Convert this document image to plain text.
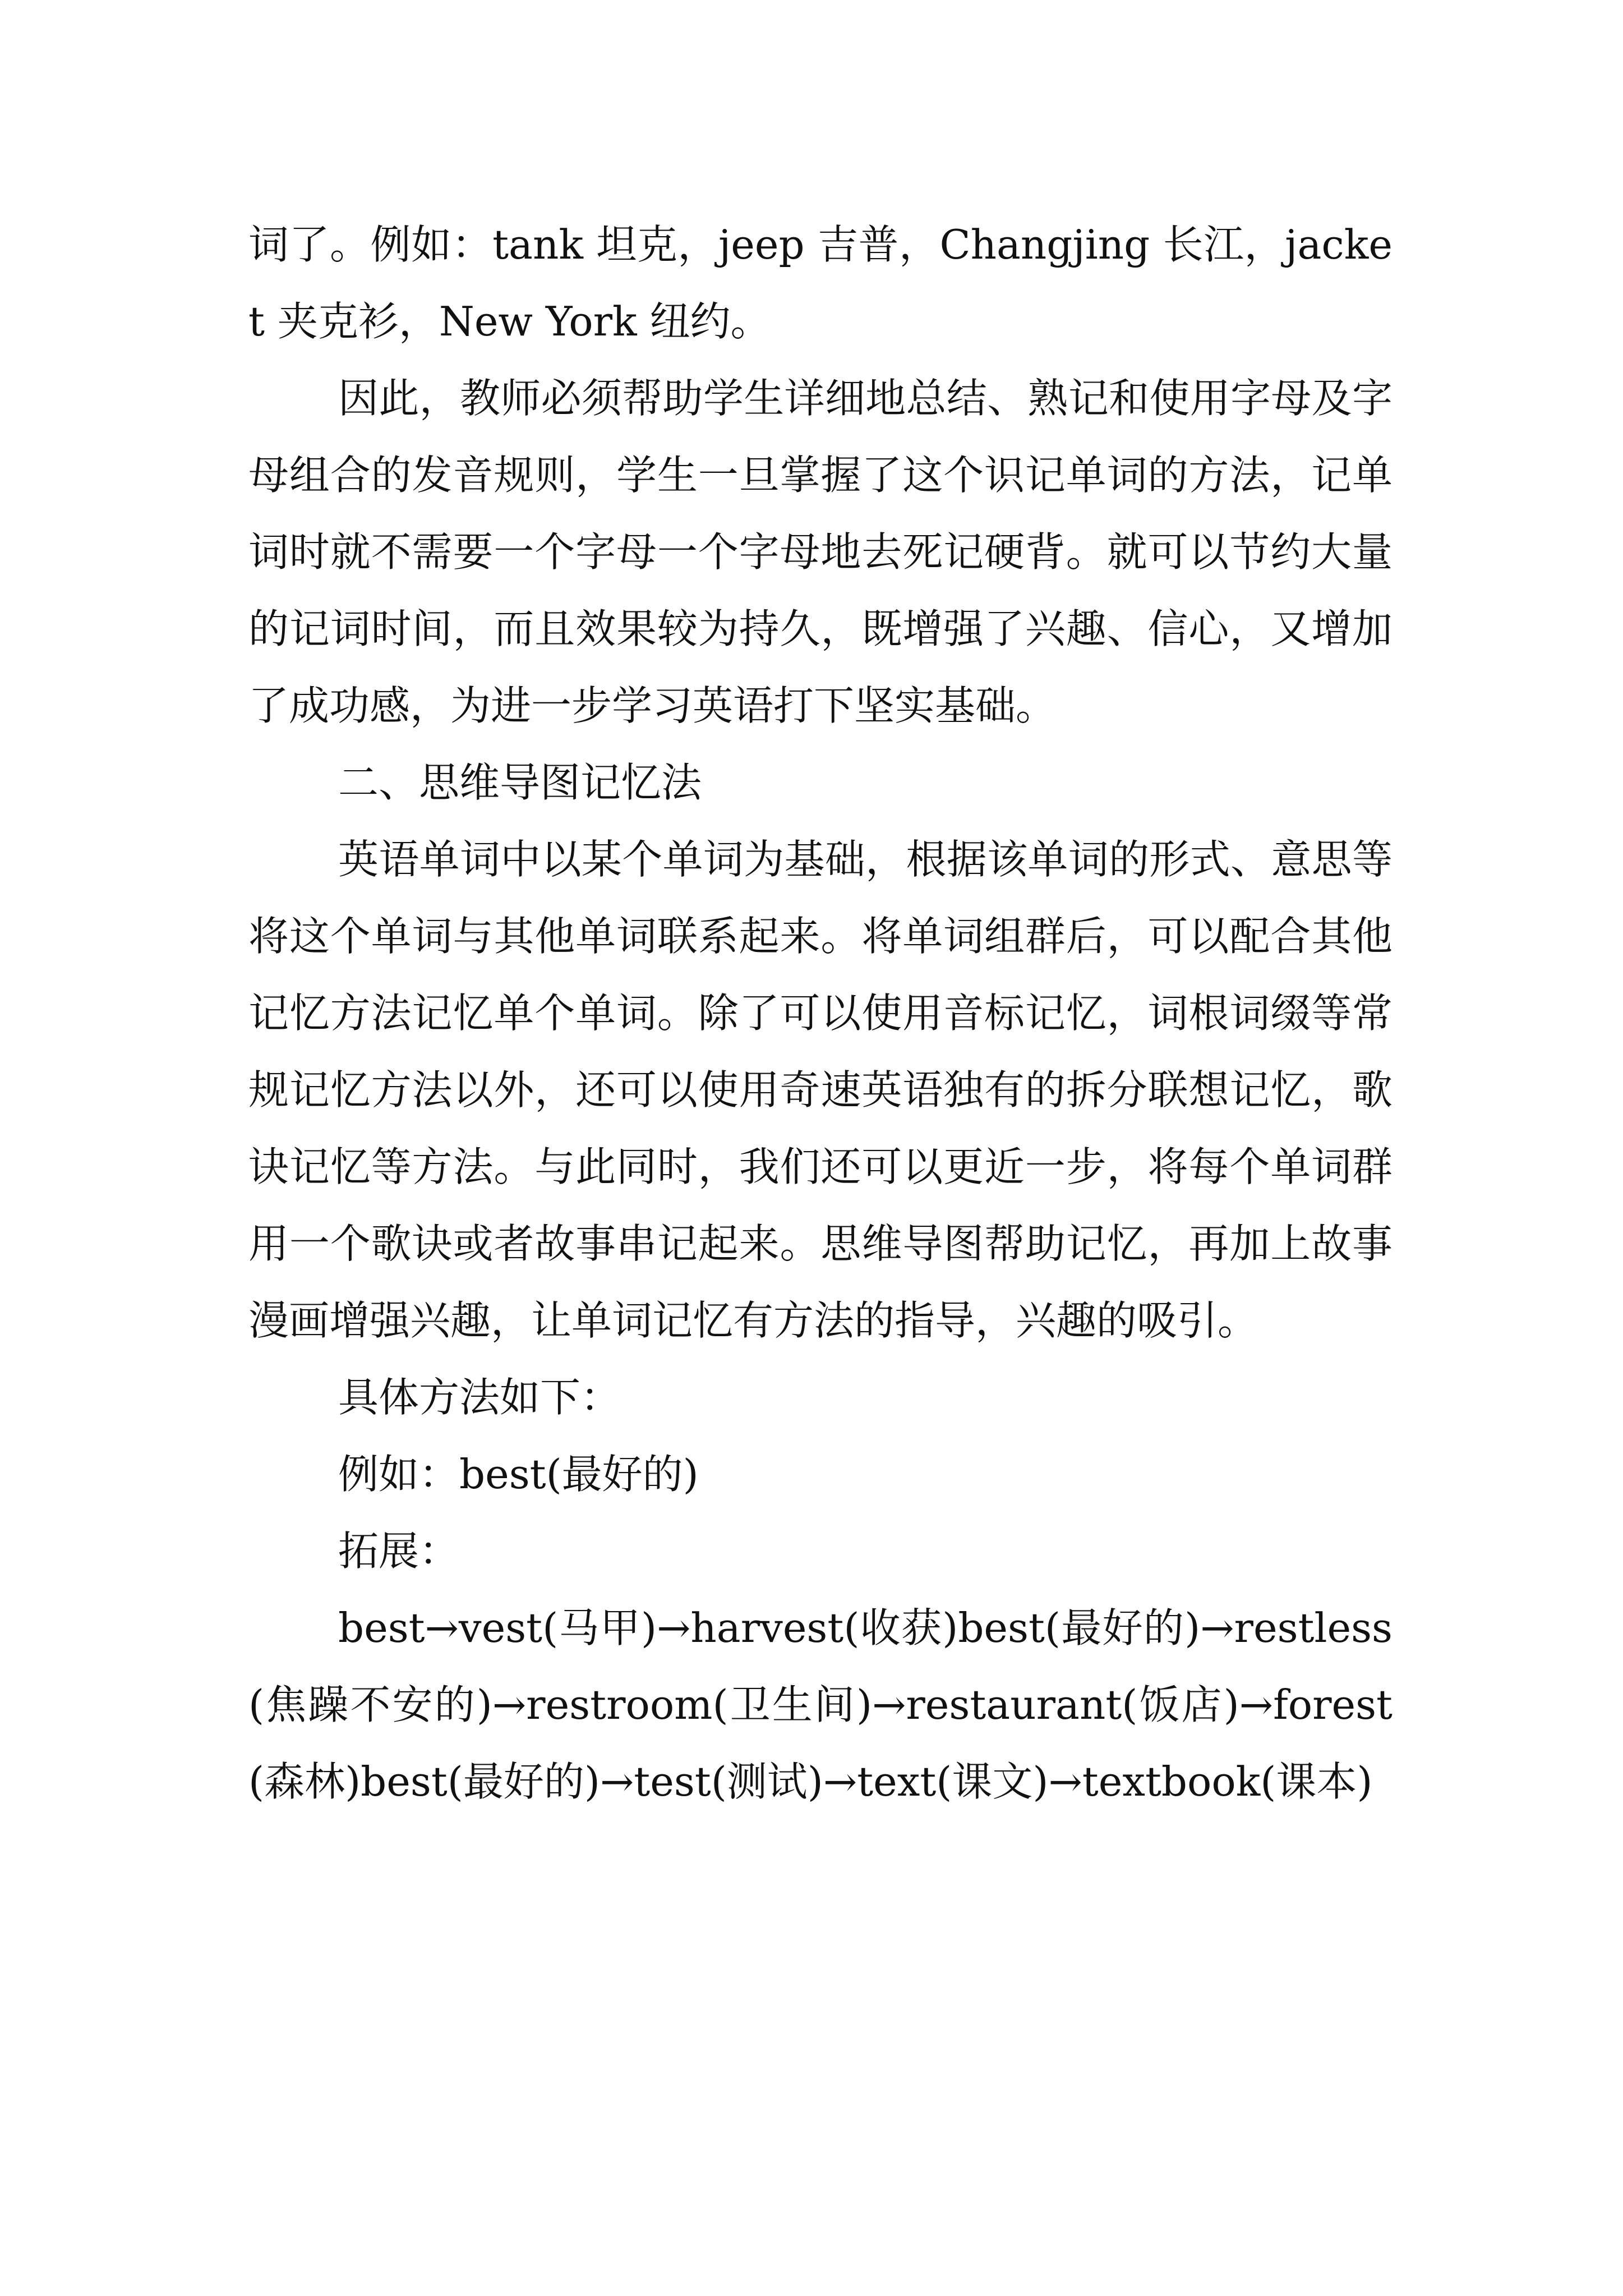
词了。例如：tank 坦克，jeep 吉普，Changjing 长江，jacket 夹克衫，New York 纽约。

因此，教师必须帮助学生详细地总结、熟记和使用字母及字母组合的发音规则，学生一旦掌握了这个识记单词的方法，记单词时就不需要一个字母一个字母地去死记硬背。就可以节约大量的记词时间，而且效果较为持久，既增强了兴趣、信心，又增加了成功感，为进一步学习英语打下坚实基础。

二、思维导图记忆法

英语单词中以某个单词为基础，根据该单词的形式、意思等将这个单词与其他单词联系起来。将单词组群后，可以配合其他记忆方法记忆单个单词。除了可以使用音标记忆，词根词缀等常规记忆方法以外，还可以使用奇速英语独有的拆分联想记忆，歌诀记忆等方法。与此同时，我们还可以更近一步，将每个单词群用一个歌诀或者故事串记起来。思维导图帮助记忆，再加上故事漫画增强兴趣，让单词记忆有方法的指导，兴趣的吸引。

具体方法如下：

例如：best(最好的)

拓展：

best→vest(马甲)→harvest(收获)best(最好的)→restless(焦躁不安的)→restroom(卫生间)→restaurant(饭店)→forest(森林)best(最好的)→test(测试)→text(课文)→textbook(课本)
